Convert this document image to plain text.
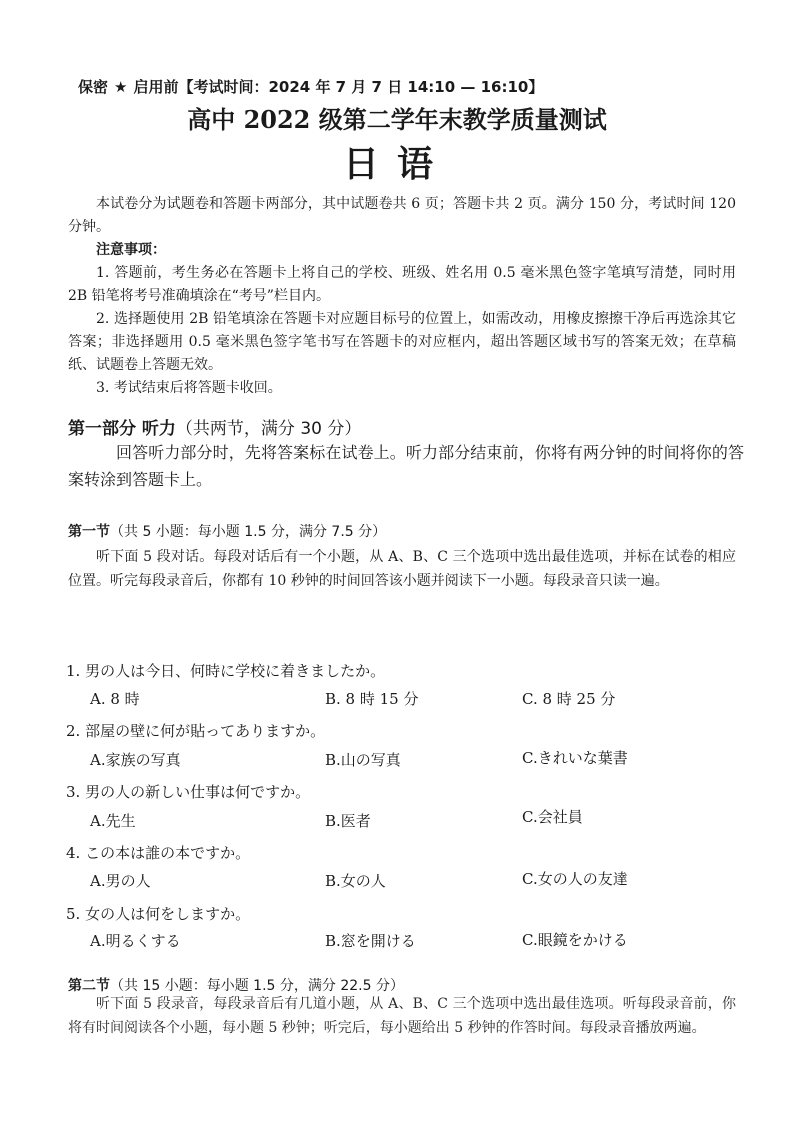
保密 ★ 启用前【考试时间：2024 年 7 月 7 日 14:10 — 16:10】
高中 2022 级第二学年末教学质量测试
日语
本试卷分为试题卷和答题卡两部分，其中试题卷共 6 页；答题卡共 2 页。满分 150 分，考试时间 120 分钟。
注意事项：
1. 答题前，考生务必在答题卡上将自己的学校、班级、姓名用 0.5 毫米黑色签字笔填写清楚，同时用 2B 铅笔将考号准确填涂在“考号”栏目内。
2. 选择题使用 2B 铅笔填涂在答题卡对应题目标号的位置上，如需改动，用橡皮擦擦干净后再选涂其它答案；非选择题用 0.5 毫米黑色签字笔书写在答题卡的对应框内，超出答题区域书写的答案无效；在草稿纸、试题卷上答题无效。
3. 考试结束后将答题卡收回。
第一部分 听力（共两节，满分 30 分）
回答听力部分时，先将答案标在试卷上。听力部分结束前，你将有两分钟的时间将你的答案转涂到答题卡上。
第一节（共 5 小题：每小题 1.5 分，满分 7.5 分）
听下面 5 段对话。每段对话后有一个小题，从 A、B、C 三个选项中选出最佳选项，并标在试卷的相应位置。听完每段录音后，你都有 10 秒钟的时间回答该小题并阅读下一小题。每段录音只读一遍。
1. 男の人は今日、何時に学校に着きましたか。
A. 8 時	B. 8 時 15 分	C. 8 時 25 分
2. 部屋の壁に何が貼ってありますか。
A.家族の写真	B.山の写真	C.きれいな葉書
3. 男の人の新しい仕事は何ですか。
A.先生	B.医者	C.会社員
4. この本は誰の本ですか。
A.男の人	B.女の人	C.女の人の友達
5. 女の人は何をしますか。
A.明るくする	B.窓を開ける	C.眼鏡をかける
第二节（共 15 小题：每小题 1.5 分，满分 22.5 分）
听下面 5 段录音，每段录音后有几道小题，从 A、B、C 三个选项中选出最佳选项。听每段录音前，你将有时间阅读各个小题，每小题 5 秒钟；听完后，每小题给出 5 秒钟的作答时间。每段录音播放两遍。
